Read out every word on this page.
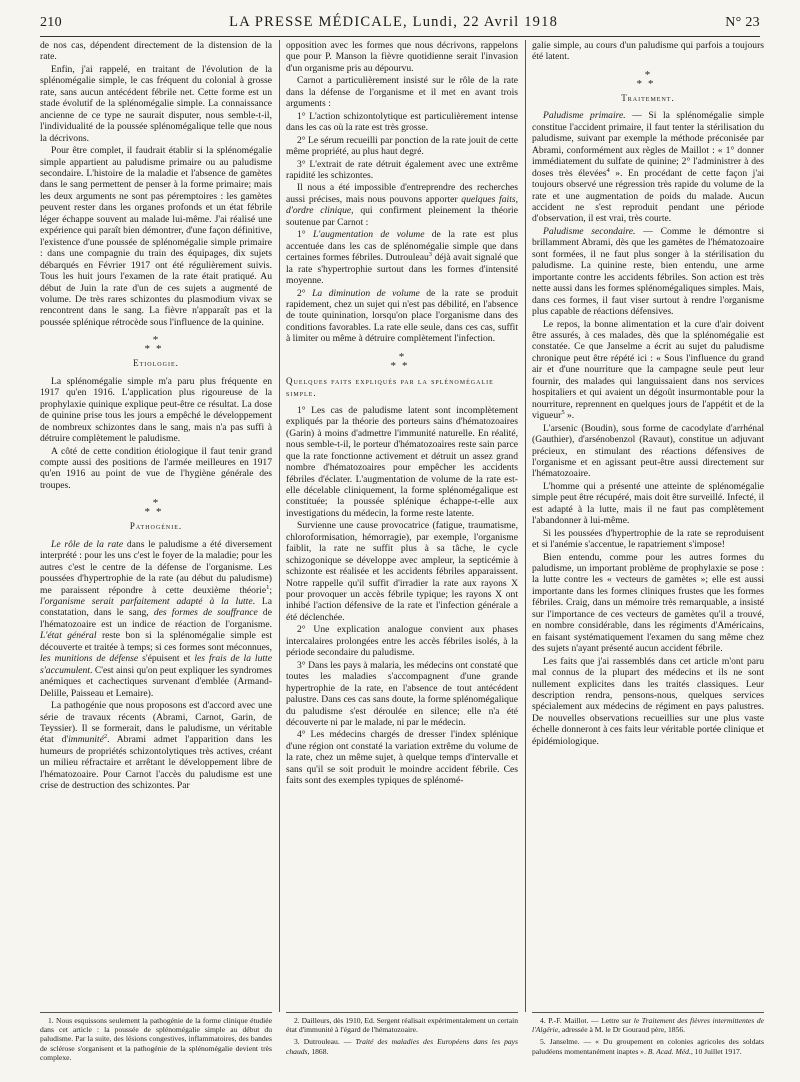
210	LA PRESSE MÉDICALE, Lundi, 22 Avril 1918	N° 23

de nos cas, dépendent directement de la distension de la rate.

Enfin, j'ai rappelé, en traitant de l'évolution de la splénomégalie simple, le cas fréquent du colonial à grosse rate, sans aucun antécédent fébrile net. Cette forme est un stade évolutif de la splénomégalie simple. La connaissance ancienne de ce type ne saurait disputer, nous semble-t-il, l'individualité de la poussée splénomégalique telle que nous la décrivons.

Pour être complet, il faudrait établir si la splénomégalie simple appartient au paludisme primaire ou au paludisme secondaire. L'histoire de la maladie et l'absence de gamètes dans le sang permettent de penser à la forme primaire; mais les deux arguments ne sont pas péremptoires : les gamètes peuvent rester dans les organes profonds et un état fébrile léger échappe souvent au malade lui-même. J'ai réalisé une expérience qui paraît bien démontrer, d'une façon définitive, l'existence d'une poussée de splénomégalie simple primaire : dans une compagnie du train des équipages, dix sujets débarqués en Février 1917 ont été régulièrement suivis. Tous les huit jours l'examen de la rate était pratiqué. Au début de Juin la rate d'un de ces sujets a augmenté de volume. De très rares schizontes du plasmodium vivax se rencontrent dans le sang. La fièvre n'apparaît pas et la poussée splénique rétrocède sous l'influence de la quinine.

*
**
Etiologie.

La splénomégalie simple m'a paru plus fréquente en 1917 qu'en 1916. L'application plus rigoureuse de la prophylaxie quinique explique peut-être ce résultat. La dose de quinine prise tous les jours a empêché le développement de nombreux schizontes dans le sang, mais n'a pas suffi à détruire complètement le paludisme.

A côté de cette condition étiologique il faut tenir grand compte aussi des positions de l'armée meilleures en 1917 qu'en 1916 au point de vue de l'hygiène générale des troupes.

*
**
Pathogénie.

Le rôle de la rate dans le paludisme a été diversement interprété : pour les uns c'est le foyer de la maladie; pour les autres c'est le centre de la défense de l'organisme. Les poussées d'hypertrophie de la rate (au début du paludisme) me paraissent répondre à cette deuxième théorie$^1$; l'organisme serait parfaitement adapté à la lutte. La constatation, dans le sang, des formes de souffrance de l'hématozoaire est un indice de réaction de l'organisme. L'état général reste bon si la splénomégalie simple est découverte et traitée à temps; si ces formes sont méconnues, les munitions de défense s'épuisent et les frais de la lutte s'accumulent. C'est ainsi qu'on peut expliquer les syndromes anémiques et cachectiques survenant d'emblée (Armand-Delille, Paisseau et Lemaire).

La pathogénie que nous proposons est d'accord avec une série de travaux récents (Abrami, Carnot, Garin, de Teyssier). Il se formerait, dans le paludisme, un véritable état d'immunité$^2$. Abrami admet l'apparition dans les humeurs de propriétés schizontolytiques très actives, créant un milieu réfractaire et arrêtant le développement libre de l'hématozoaire. Pour Carnot l'accès du paludisme est une crise de destruction des schizontes. Par

opposition avec les formes que nous décrivons, rappelons que pour P. Manson la fièvre quotidienne serait l'invasion d'un organisme pris au dépourvu.

Carnot a particulièrement insisté sur le rôle de la rate dans la défense de l'organisme et il met en avant trois arguments :

1° L'action schizontolytique est particulièrement intense dans les cas où la rate est très grosse.
2° Le sérum recueilli par ponction de la rate jouit de cette même propriété, au plus haut degré.
3° L'extrait de rate détruit également avec une extrême rapidité les schizontes.

Il nous a été impossible d'entreprendre des recherches aussi précises, mais nous pouvons apporter quelques faits, d'ordre clinique, qui confirment pleinement la théorie soutenue par Carnot :

1° L'augmentation de volume de la rate est plus accentuée dans les cas de splénomégalie simple que dans certaines formes fébriles. Dutrouleau$^3$ déjà avait signalé que la rate s'hypertrophie surtout dans les formes d'intensité moyenne.
2° La diminution de volume de la rate se produit rapidement, chez un sujet qui n'est pas débilité, en l'absence de toute quinination, lorsqu'on place l'organisme dans des conditions favorables. La rate elle seule, dans ces cas, suffit à limiter ou même à détruire complètement l'infection.
*
**
Quelques faits expliqués par la splénomégalie simple.
1° Les cas de paludisme latent sont incomplètement expliqués par la théorie des porteurs sains d'hématozoaires (Garin) à moins d'admettre l'immunité naturelle. En réalité, nous semble-t-il, le porteur d'hématozoaires reste sain parce que la rate fonctionne activement et détruit un assez grand nombre d'hématozoaires pour empêcher les accidents fébriles d'éclater. L'augmentation de volume de la rate est-elle décelable cliniquement, la forme splénomégalique est constituée; la poussée splénique échappe-t-elle aux investigations du médecin, la forme reste latente.

Survienne une cause provocatrice (fatigue, traumatisme, chloroformisation, hémorragie), par exemple, l'organisme faiblit, la rate ne suffit plus à sa tâche, le cycle schizogonique se développe avec ampleur, la septicémie à schizonte est réalisée et les accidents fébriles apparaissent. Notre rappelle qu'il suffit d'irradier la rate aux rayons X pour provoquer un accès fébrile typique; les rayons X ont inhibé l'action défensive de la rate et l'infection générale a été déclenchée.

2° Une explication analogue convient aux phases intercalaires prolongées entre les accès fébriles isolés, à la période secondaire du paludisme.
3° Dans les pays à malaria, les médecins ont constaté que toutes les maladies s'accompagnent d'une grande hypertrophie de la rate, en l'absence de tout antécédent palustre. Dans ces cas sans doute, la forme splénomégalique du paludisme s'est déroulée en silence; elle n'a été découverte ni par le malade, ni par le médecin.
4° Les médecins chargés de dresser l'index splénique d'une région ont constaté la variation extrême du volume de la rate, chez un même sujet, à quelque temps d'intervalle et sans qu'il se soit produit le moindre accident fébrile. Ces faits sont des exemples typiques de splénomé-

galie simple, au cours d'un paludisme qui parfois a toujours été latent.

*
**
Traitement.

Paludisme primaire. — Si la splénomégalie simple constitue l'accident primaire, il faut tenter la stérilisation du paludisme, suivant par exemple la méthode préconisée par Abrami, conformément aux règles de Maillot : « 1° donner immédiatement du sulfate de quinine; 2° l'administrer à des doses très élevées$^4$ ». En procédant de cette façon j'ai toujours observé une régression très rapide du volume de la rate et une augmentation de poids du malade. Aucun accident ne s'est reproduit pendant une période d'observation, il est vrai, très courte.

Paludisme secondaire. — Comme le démontre si brillamment Abrami, dès que les gamètes de l'hématozoaire sont formées, il ne faut plus songer à la stérilisation du paludisme. La quinine reste, bien entendu, une arme importante contre les accidents fébriles. Son action est très nette aussi dans les formes splénomégaliques simples. Mais, dans ces formes, il faut viser surtout à rendre l'organisme plus capable de réactions défensives.

Le repos, la bonne alimentation et la cure d'air doivent être assurés, à ces malades, dès que la splénomégalie est constatée. Ce que Janselme a écrit au sujet du paludisme chronique peut être répété ici : « Sous l'influence du grand air et d'une nourriture que la campagne seule peut leur fournir, des malades qui languissaient dans nos services hospitaliers et qui avaient un dégoût insurmontable pour la nourriture, reprennent en quelques jours de l'appétit et de la vigueur$^5$ ».

L'arsenic (Boudin), sous forme de cacodylate d'arrhénal (Gauthier), d'arsénobenzol (Ravaut), constitue un adjuvant précieux, en stimulant des réactions défensives de l'organisme et en agissant peut-être aussi directement sur l'hématozoaire.

L'homme qui a présenté une atteinte de splénomégalie simple peut être récupéré, mais doit être surveillé. Infecté, il est adapté à la lutte, mais il ne faut pas complètement l'abandonner à lui-même.

Si les poussées d'hypertrophie de la rate se reproduisent et si l'anémie s'accentue, le rapatriement s'impose!

Bien entendu, comme pour les autres formes du paludisme, un important problème de prophylaxie se pose : la lutte contre les « vecteurs de gamètes »; elle est aussi importante dans les formes cliniques frustes que les formes fébriles. Craig, dans un mémoire très remarquable, a insisté sur l'importance de ces vecteurs de gamètes qu'il a trouvé, en nombre considérable, dans les régiments d'Américains, en faisant systématiquement l'examen du sang même chez des sujets n'ayant présenté aucun accident fébrile.

Les faits que j'ai rassemblés dans cet article m'ont paru mal connus de la plupart des médecins et ils ne sont nullement explicites dans les traités classiques. Leur description rendra, pensons-nous, quelques services spécialement aux médecins de régiment en pays palustres. De nouvelles observations recueillies sur une plus vaste échelle donneront à ces faits leur véritable portée clinique et épidémiologique.

1. Nous esquissons seulement la pathogénie de la forme clinique étudiée dans cet article : la poussée de splénomégalie simple au début du paludisme. Par la suite, des lésions congestives, inflammatoires, des bandes de sclérose s'organisent et la pathogénie de la splénomégalie devient très complexe.
2. Dailleurs, dès 1910, Ed. Sergent réalisait expérimentalement un certain état d'immunité à l'égard de l'hématozoaire.
3. Dutrouleau. — Traité des maladies des Européens dans les pays chauds, 1868.
4. P.-F. Maillot. — Lettre sur le Traitement des fièvres intermittentes de l'Algérie, adressée à M. le Dr Gouraud père, 1856.
5. Janselme. — « Du groupement en colonies agricoles des soldats paludéens momentanément inaptes ». B. Acad. Méd., 10 Juillet 1917.
